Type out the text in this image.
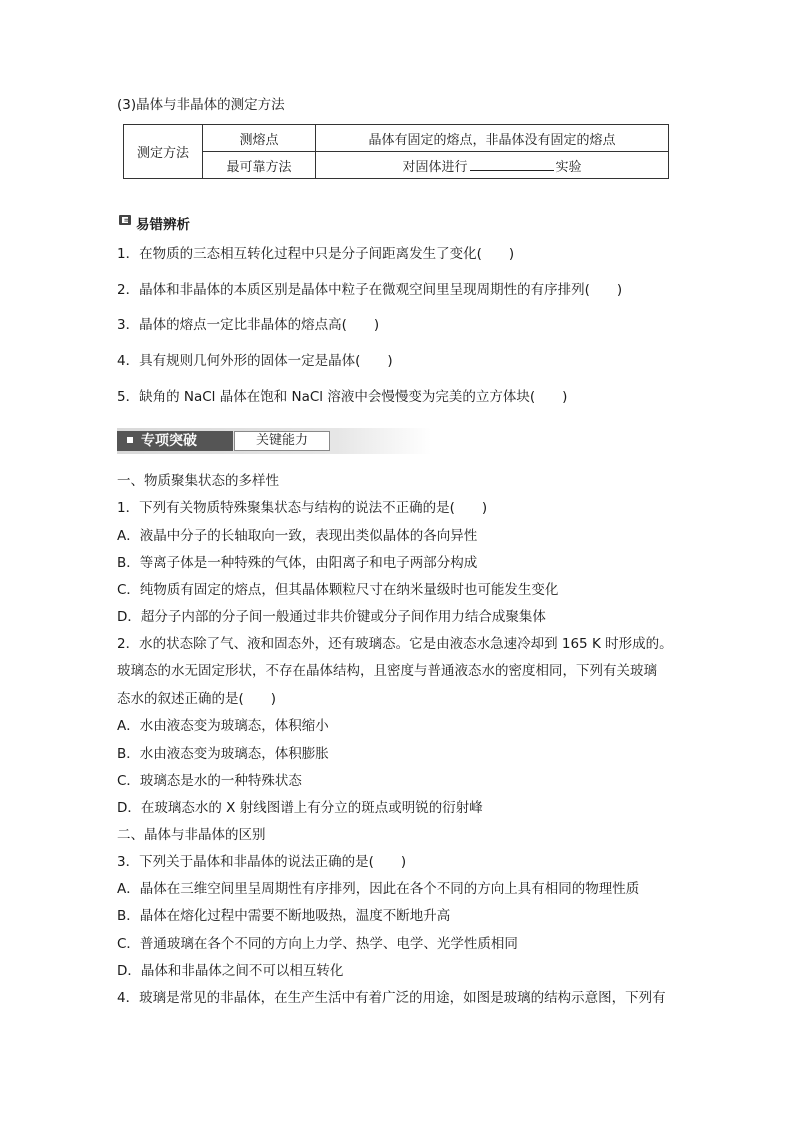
(3)晶体与非晶体的测定方法
测定方法	测熔点	晶体有固定的熔点，非晶体没有固定的熔点
	最可靠方法	对固体进行 实验
易错辨析
1．在物质的三态相互转化过程中只是分子间距离发生了变化(　　)
2．晶体和非晶体的本质区别是晶体中粒子在微观空间里呈现周期性的有序排列(　　)
3．晶体的熔点一定比非晶体的熔点高(　　)
4．具有规则几何外形的固体一定是晶体(　　)
5．缺角的 NaCl 晶体在饱和 NaCl 溶液中会慢慢变为完美的立方体块(　　)
专项突破	关键能力
一、物质聚集状态的多样性
1．下列有关物质特殊聚集状态与结构的说法不正确的是(　　)
A．液晶中分子的长轴取向一致，表现出类似晶体的各向异性
B．等离子体是一种特殊的气体，由阳离子和电子两部分构成
C．纯物质有固定的熔点，但其晶体颗粒尺寸在纳米量级时也可能发生变化
D．超分子内部的分子间一般通过非共价键或分子间作用力结合成聚集体
2．水的状态除了气、液和固态外，还有玻璃态。它是由液态水急速冷却到 165 K 时形成的。
玻璃态的水无固定形状，不存在晶体结构，且密度与普通液态水的密度相同，下列有关玻璃
态水的叙述正确的是(　　)
A．水由液态变为玻璃态，体积缩小
B．水由液态变为玻璃态，体积膨胀
C．玻璃态是水的一种特殊状态
D．在玻璃态水的 X 射线图谱上有分立的斑点或明锐的衍射峰
二、晶体与非晶体的区别
3．下列关于晶体和非晶体的说法正确的是(　　)
A．晶体在三维空间里呈周期性有序排列，因此在各个不同的方向上具有相同的物理性质
B．晶体在熔化过程中需要不断地吸热，温度不断地升高
C．普通玻璃在各个不同的方向上力学、热学、电学、光学性质相同
D．晶体和非晶体之间不可以相互转化
4．玻璃是常见的非晶体，在生产生活中有着广泛的用途，如图是玻璃的结构示意图，下列有
